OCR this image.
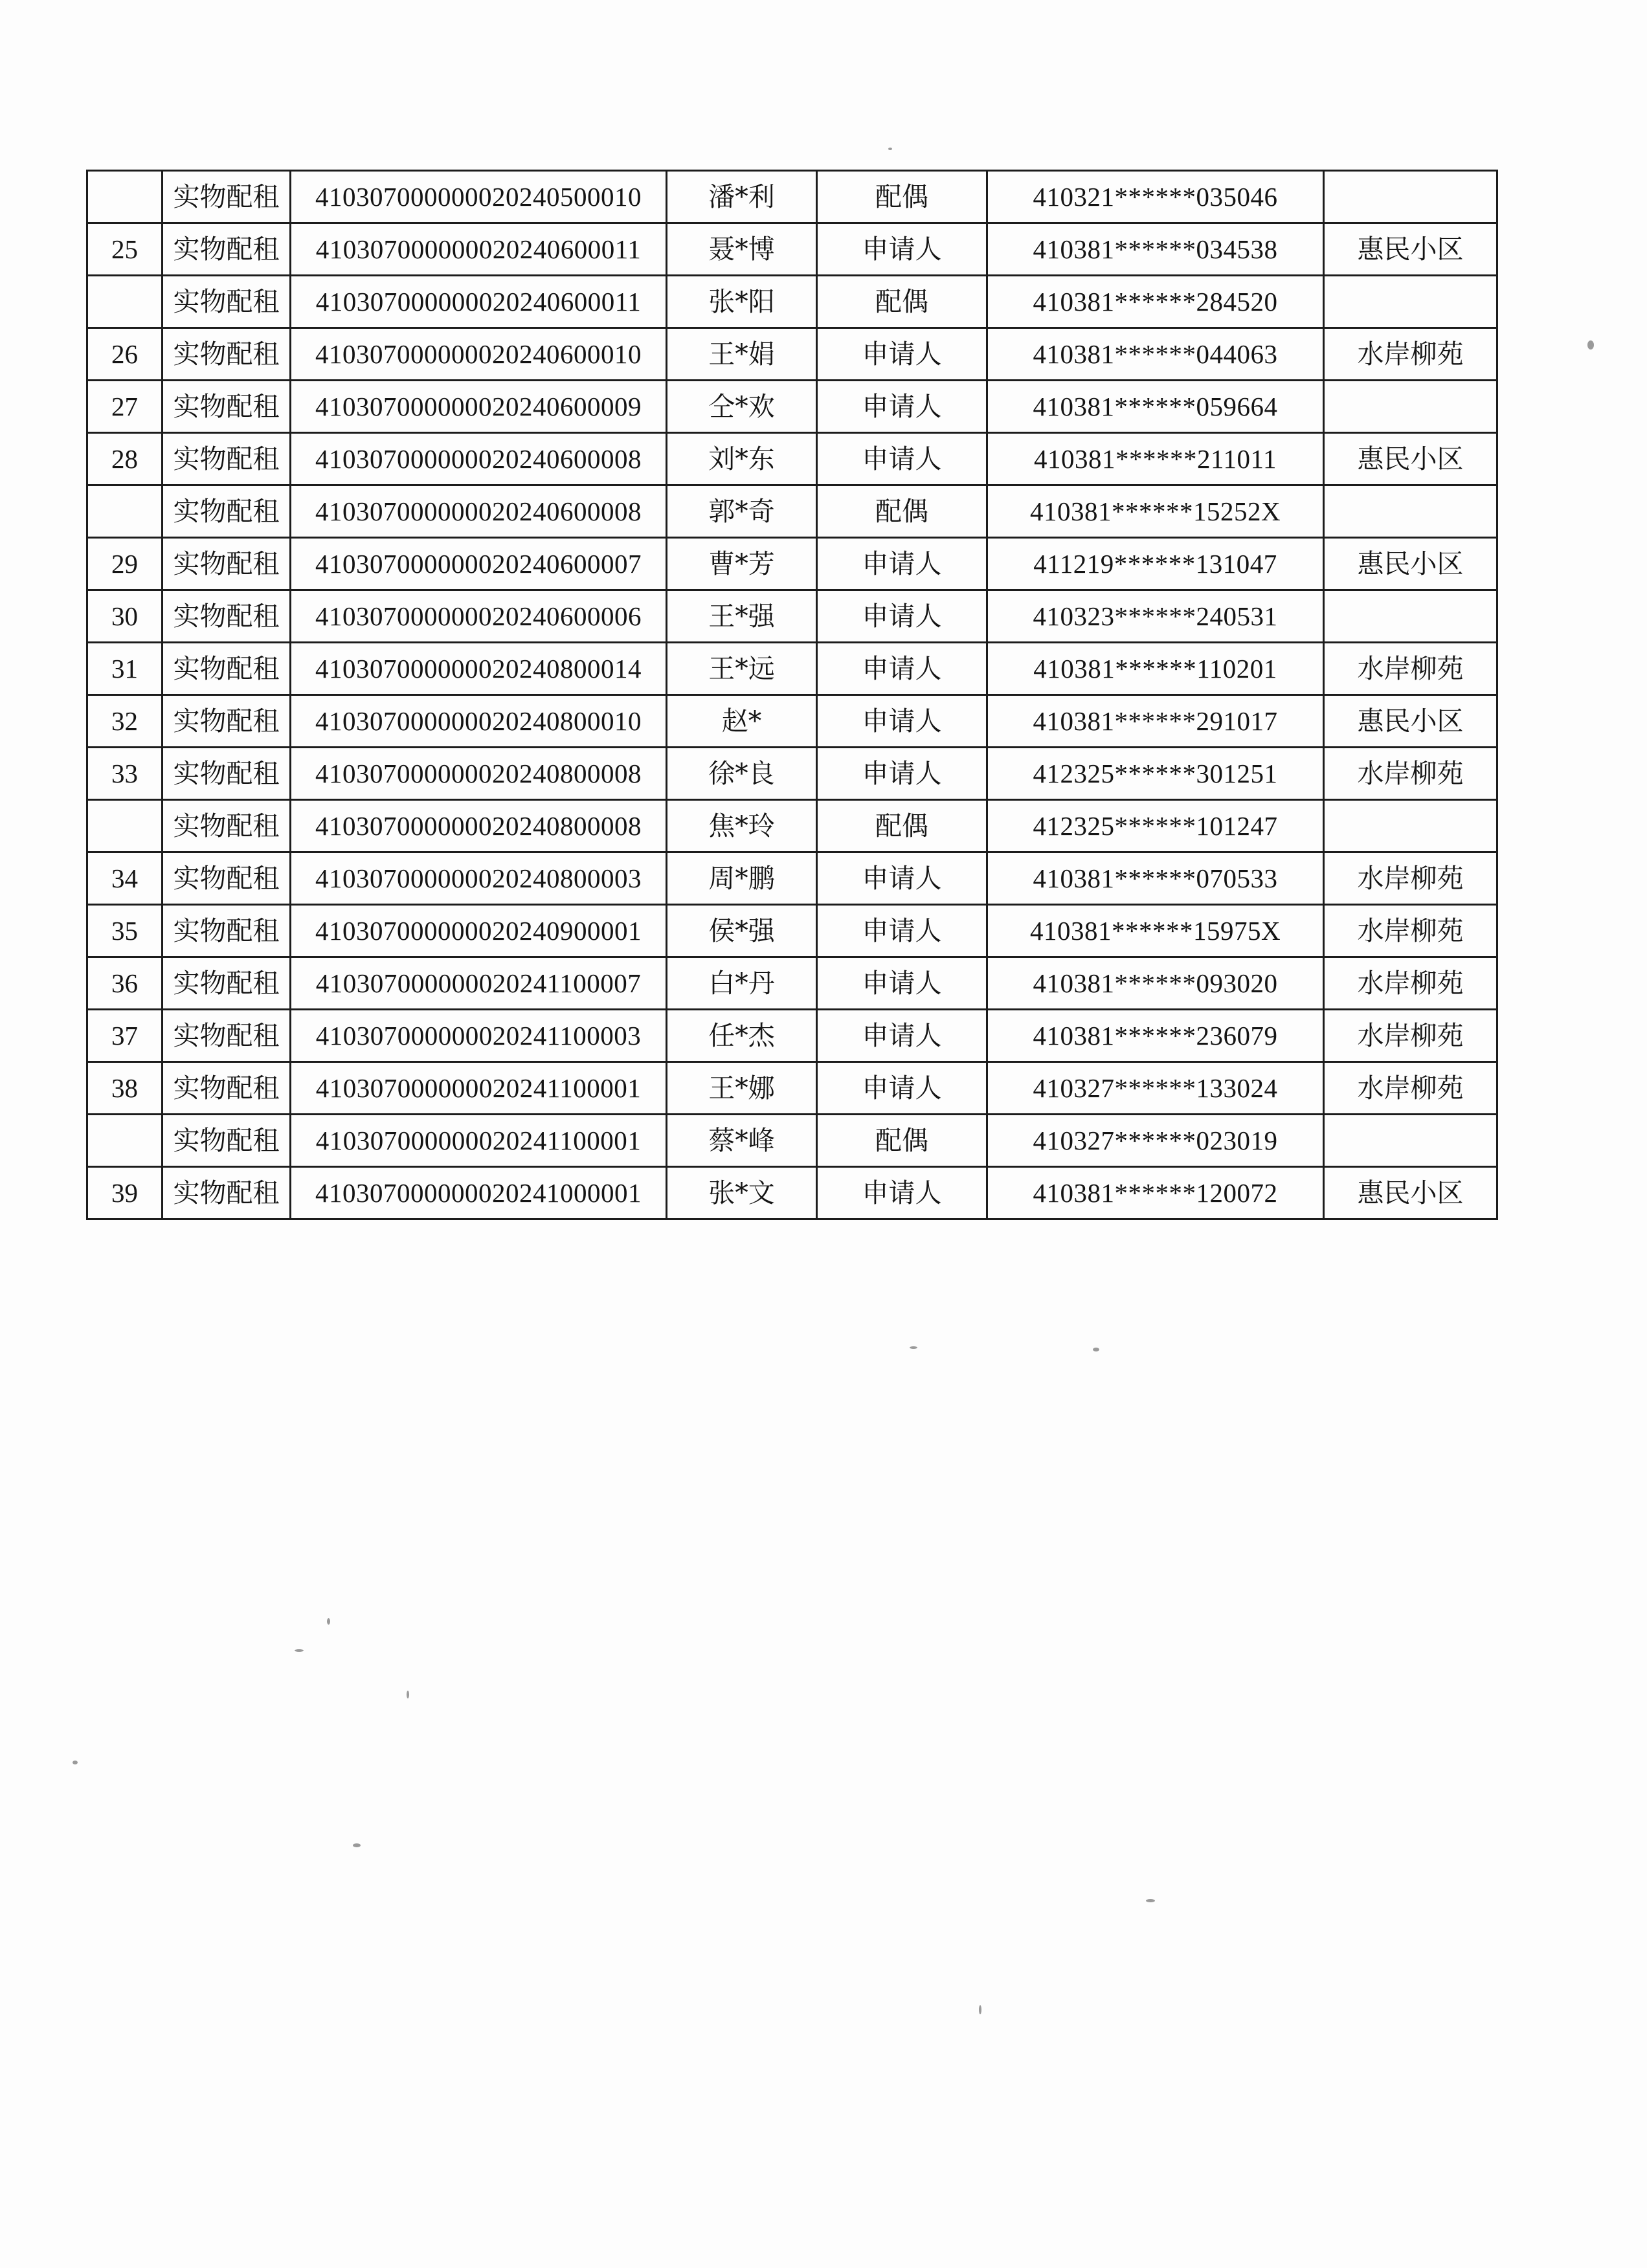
	实物配租	410307000000020240500010	潘*利	配偶	410321******035046	
25	实物配租	410307000000020240600011	聂*博	申请人	410381******034538	惠民小区
	实物配租	410307000000020240600011	张*阳	配偶	410381******284520	
26	实物配租	410307000000020240600010	王*娟	申请人	410381******044063	水岸柳苑
27	实物配租	410307000000020240600009	仝*欢	申请人	410381******059664	
28	实物配租	410307000000020240600008	刘*东	申请人	410381******211011	惠民小区
	实物配租	410307000000020240600008	郭*奇	配偶	410381******15252X	
29	实物配租	410307000000020240600007	曹*芳	申请人	411219******131047	惠民小区
30	实物配租	410307000000020240600006	王*强	申请人	410323******240531	
31	实物配租	410307000000020240800014	王*远	申请人	410381******110201	水岸柳苑
32	实物配租	410307000000020240800010	赵*	申请人	410381******291017	惠民小区
33	实物配租	410307000000020240800008	徐*良	申请人	412325******301251	水岸柳苑
	实物配租	410307000000020240800008	焦*玲	配偶	412325******101247	
34	实物配租	410307000000020240800003	周*鹏	申请人	410381******070533	水岸柳苑
35	实物配租	410307000000020240900001	侯*强	申请人	410381******15975X	水岸柳苑
36	实物配租	410307000000020241100007	白*丹	申请人	410381******093020	水岸柳苑
37	实物配租	410307000000020241100003	任*杰	申请人	410381******236079	水岸柳苑
38	实物配租	410307000000020241100001	王*娜	申请人	410327******133024	水岸柳苑
	实物配租	410307000000020241100001	蔡*峰	配偶	410327******023019	
39	实物配租	410307000000020241000001	张*文	申请人	410381******120072	惠民小区
